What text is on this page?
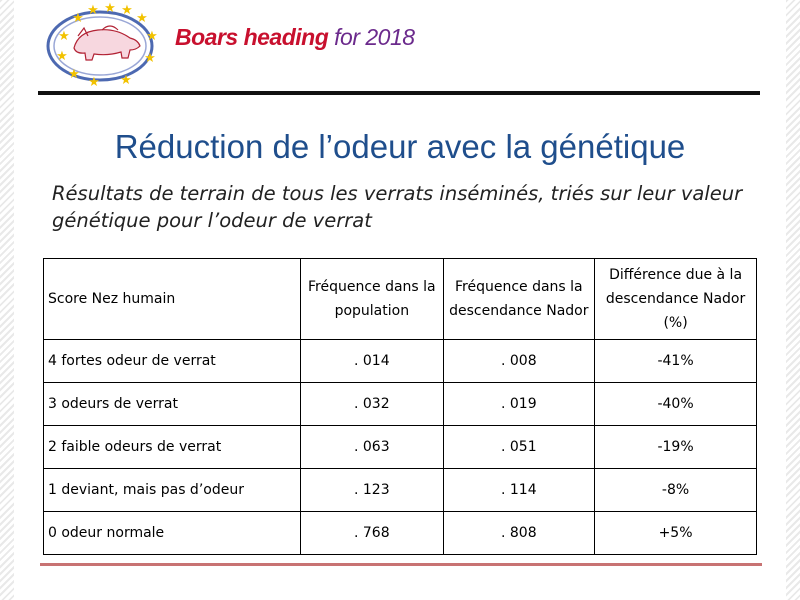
★
★ ★ ★
★
★
★
★	★
★
★ ★
Boars heading for 2018
Réduction de l’odeur avec la génétique
Résultats de terrain de tous les verrats inséminés, triés sur leur valeur génétique pour l’odeur de verrat
Score Nez humain	Fréquence dans la population	Fréquence dans la descendance Nador	Différence due à la descendance Nador (%)
4 fortes odeur de verrat	. 014	. 008	-41%
3 odeurs de verrat	. 032	. 019	-40%
2 faible odeurs de verrat	. 063	. 051	-19%
1 deviant, mais pas d’odeur	. 123	. 114	-8%
0 odeur normale	. 768	. 808	+5%
